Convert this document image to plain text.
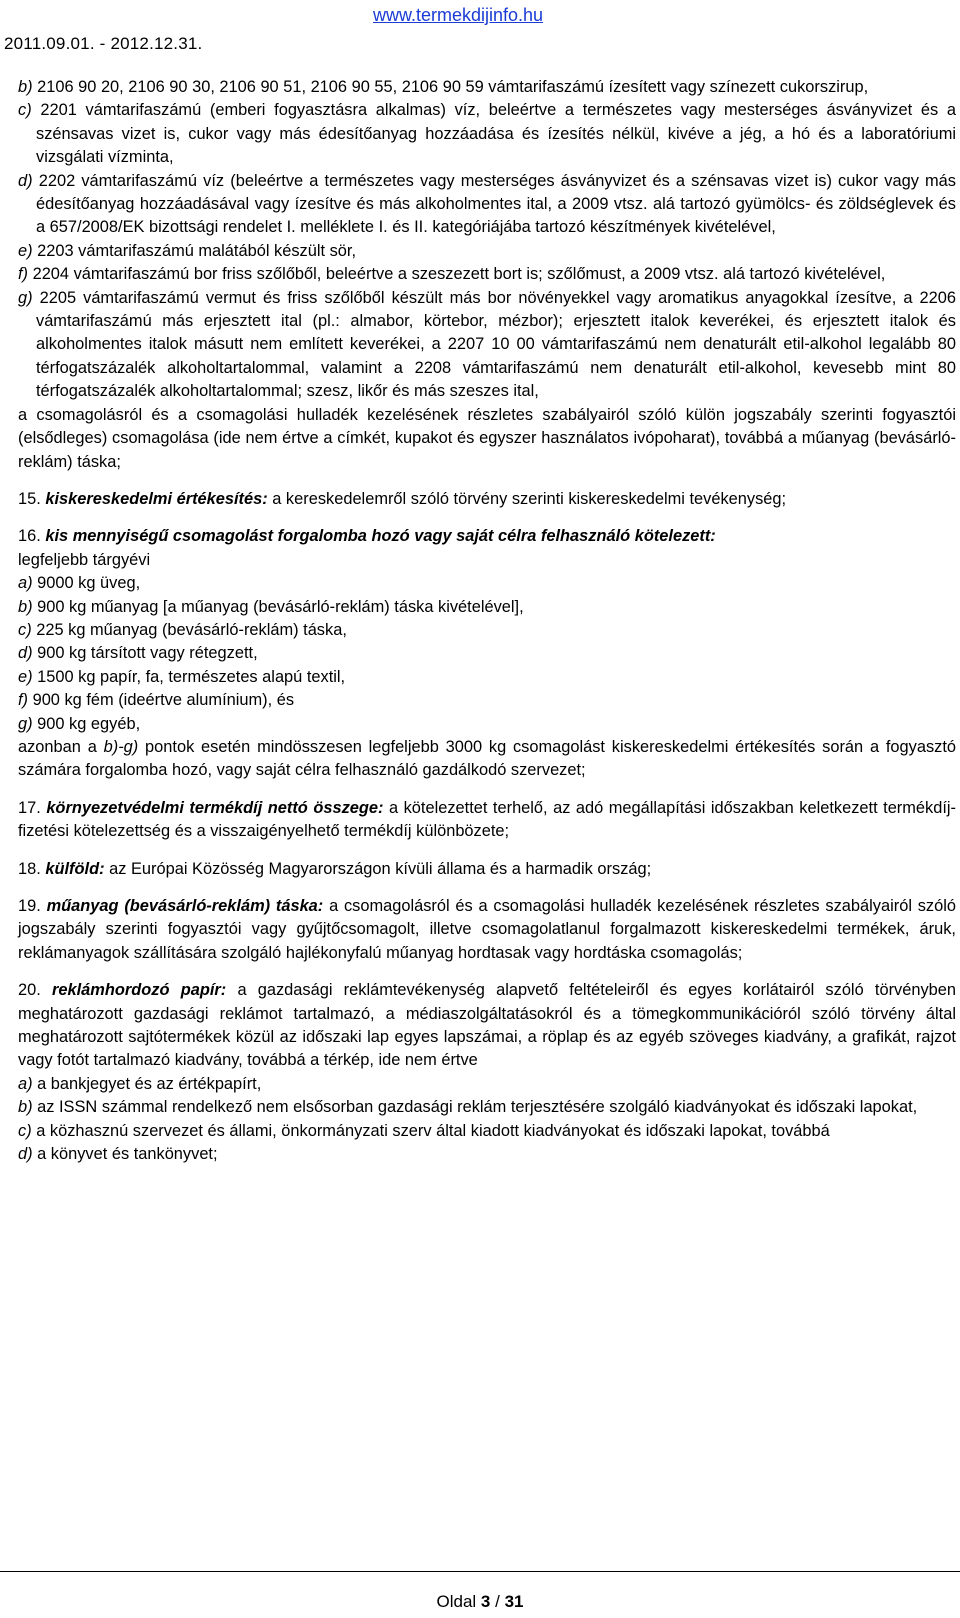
2011.09.01. - 2012.12.31.
www.termekdijinfo.hu

b) 2106 90 20, 2106 90 30, 2106 90 51, 2106 90 55, 2106 90 59 vámtarifaszámú ízesített vagy színezett cukorszirup,

c) 2201 vámtarifaszámú (emberi fogyasztásra alkalmas) víz, beleértve a természetes vagy mesterséges ásványvizet és a szénsavas vizet is, cukor vagy más édesítőanyag hozzáadása és ízesítés nélkül, kivéve a jég, a hó és a laboratóriumi vizsgálati vízminta,

d) 2202 vámtarifaszámú víz (beleértve a természetes vagy mesterséges ásványvizet és a szénsavas vizet is) cukor vagy más édesítőanyag hozzáadásával vagy ízesítve és más alkoholmentes ital, a 2009 vtsz. alá tartozó gyümölcs- és zöldséglevek és a 657/2008/EK bizottsági rendelet I. melléklete I. és II. kategóriájába tartozó készítmények kivételével,

e) 2203 vámtarifaszámú malátából készült sör,

f) 2204 vámtarifaszámú bor friss szőlőből, beleértve a szeszezett bort is; szőlőmust, a 2009 vtsz. alá tartozó kivételével,

g) 2205 vámtarifaszámú vermut és friss szőlőből készült más bor növényekkel vagy aromatikus anyagokkal ízesítve, a 2206 vámtarifaszámú más erjesztett ital (pl.: almabor, körtebor, mézbor); erjesztett italok keverékei, és erjesztett italok és alkoholmentes italok másutt nem említett keverékei, a 2207 10 00 vámtarifaszámú nem denaturált etil-alkohol legalább 80 térfogatszázalék alkoholtartalommal, valamint a 2208 vámtarifaszámú nem denaturált etil-alkohol, kevesebb mint 80 térfogatszázalék alkoholtartalommal; szesz, likőr és más szeszes ital,

a csomagolásról és a csomagolási hulladék kezelésének részletes szabályairól szóló külön jogszabály szerinti fogyasztói (elsődleges) csomagolása (ide nem értve a címkét, kupakot és egyszer használatos ivópoharat), továbbá a műanyag (bevásárló-reklám) táska;

15. kiskereskedelmi értékesítés: a kereskedelemről szóló törvény szerinti kiskereskedelmi tevékenység;

16. kis mennyiségű csomagolást forgalomba hozó vagy saját célra felhasználó kötelezett:

legfeljebb tárgyévi
a) 9000 kg üveg,
b) 900 kg műanyag [a műanyag (bevásárló-reklám) táska kivételével],
c) 225 kg műanyag (bevásárló-reklám) táska,
d) 900 kg társított vagy rétegzett,
e) 1500 kg papír, fa, természetes alapú textil,
f) 900 kg fém (ideértve alumínium), és
g) 900 kg egyéb,

azonban a b)-g) pontok esetén mindösszesen legfeljebb 3000 kg csomagolást kiskereskedelmi értékesítés során a fogyasztó számára forgalomba hozó, vagy saját célra felhasználó gazdálkodó szervezet;

17. környezetvédelmi termékdíj nettó összege: a kötelezettet terhelő, az adó megállapítási időszakban keletkezett termékdíj-fizetési kötelezettség és a visszaigényelhető termékdíj különbözete;

18. külföld: az Európai Közösség Magyarországon kívüli állama és a harmadik ország;

19. műanyag (bevásárló-reklám) táska: a csomagolásról és a csomagolási hulladék kezelésének részletes szabályairól szóló jogszabály szerinti fogyasztói vagy gyűjtőcsomagolt, illetve csomagolatlanul forgalmazott kiskereskedelmi termékek, áruk, reklámanyagok szállítására szolgáló hajlékonyfalú műanyag hordtasak vagy hordtáska csomagolás;

20. reklámhordozó papír: a gazdasági reklámtevékenység alapvető feltételeiről és egyes korlátairól szóló törvényben meghatározott gazdasági reklámot tartalmazó, a médiaszolgáltatásokról és a tömegkommunikációról szóló törvény által meghatározott sajtótermékek közül az időszaki lap egyes lapszámai, a röplap és az egyéb szöveges kiadvány, a grafikát, rajzot vagy fotót tartalmazó kiadvány, továbbá a térkép, ide nem értve

a) a bankjegyet és az értékpapírt,

b) az ISSN számmal rendelkező nem elsősorban gazdasági reklám terjesztésére szolgáló kiadványokat és időszaki lapokat,

c) a közhasznú szervezet és állami, önkormányzati szerv által kiadott kiadványokat és időszaki lapokat, továbbá

d) a könyvet és tankönyvet;

Oldal 3 / 31
